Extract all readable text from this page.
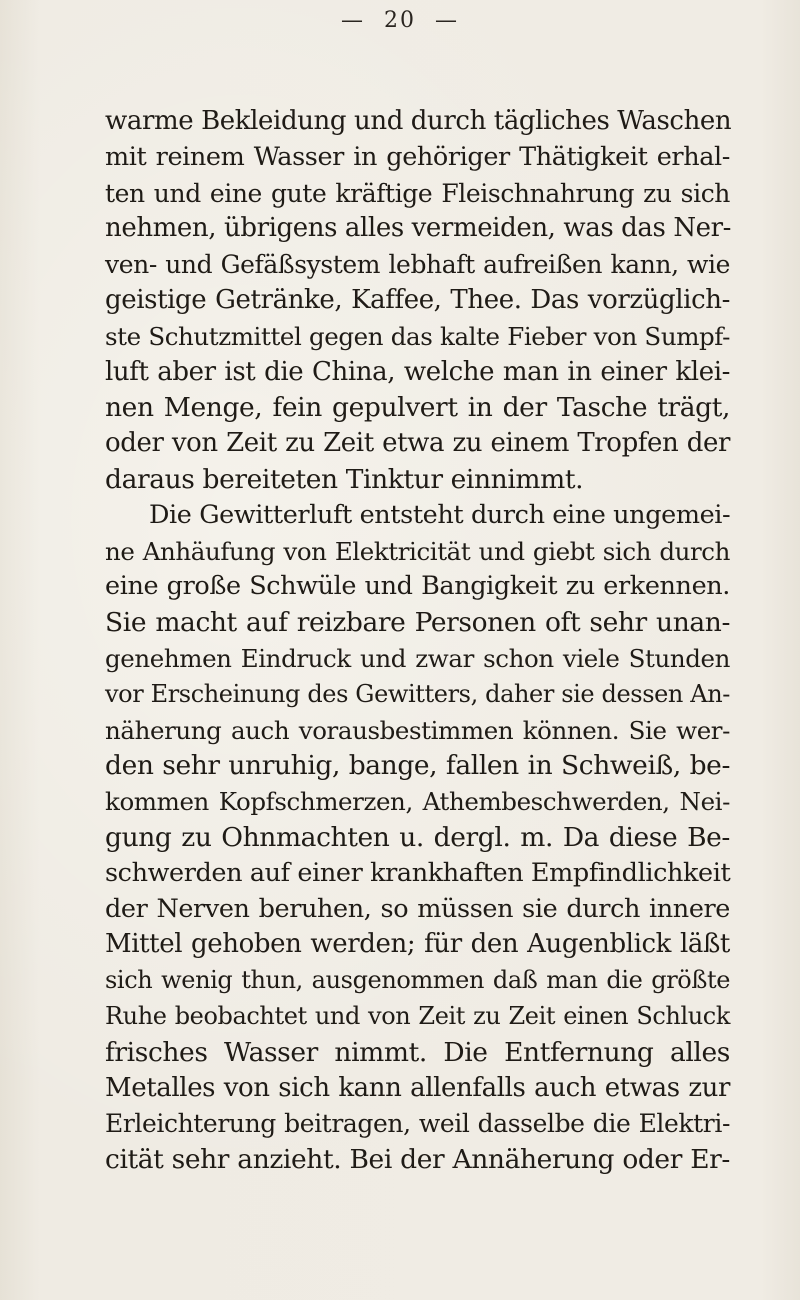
— 20 —
warme Bekleidung und durch tägliches Waschen
mit reinem Wasser in gehöriger Thätigkeit erhal-
ten und eine gute kräftige Fleischnahrung zu sich
nehmen, übrigens alles vermeiden, was das Ner-
ven- und Gefäßsystem lebhaft aufreißen kann, wie
geistige Getränke, Kaffee, Thee. Das vorzüglich-
ste Schutzmittel gegen das kalte Fieber von Sumpf-
luft aber ist die China, welche man in einer klei-
nen Menge, fein gepulvert in der Tasche trägt,
oder von Zeit zu Zeit etwa zu einem Tropfen der
daraus bereiteten Tinktur einnimmt.
Die Gewitterluft entsteht durch eine ungemei-
ne Anhäufung von Elektricität und giebt sich durch
eine große Schwüle und Bangigkeit zu erkennen.
Sie macht auf reizbare Personen oft sehr unan-
genehmen Eindruck und zwar schon viele Stunden
vor Erscheinung des Gewitters, daher sie dessen An-
näherung auch vorausbestimmen können. Sie wer-
den sehr unruhig, bange, fallen in Schweiß, be-
kommen Kopfschmerzen, Athembeschwerden, Nei-
gung zu Ohnmachten u. dergl. m. Da diese Be-
schwerden auf einer krankhaften Empfindlichkeit
der Nerven beruhen, so müssen sie durch innere
Mittel gehoben werden; für den Augenblick läßt
sich wenig thun, ausgenommen daß man die größte
Ruhe beobachtet und von Zeit zu Zeit einen Schluck
frisches Wasser nimmt. Die Entfernung alles
Metalles von sich kann allenfalls auch etwas zur
Erleichterung beitragen, weil dasselbe die Elektri-
cität sehr anzieht. Bei der Annäherung oder Er-
